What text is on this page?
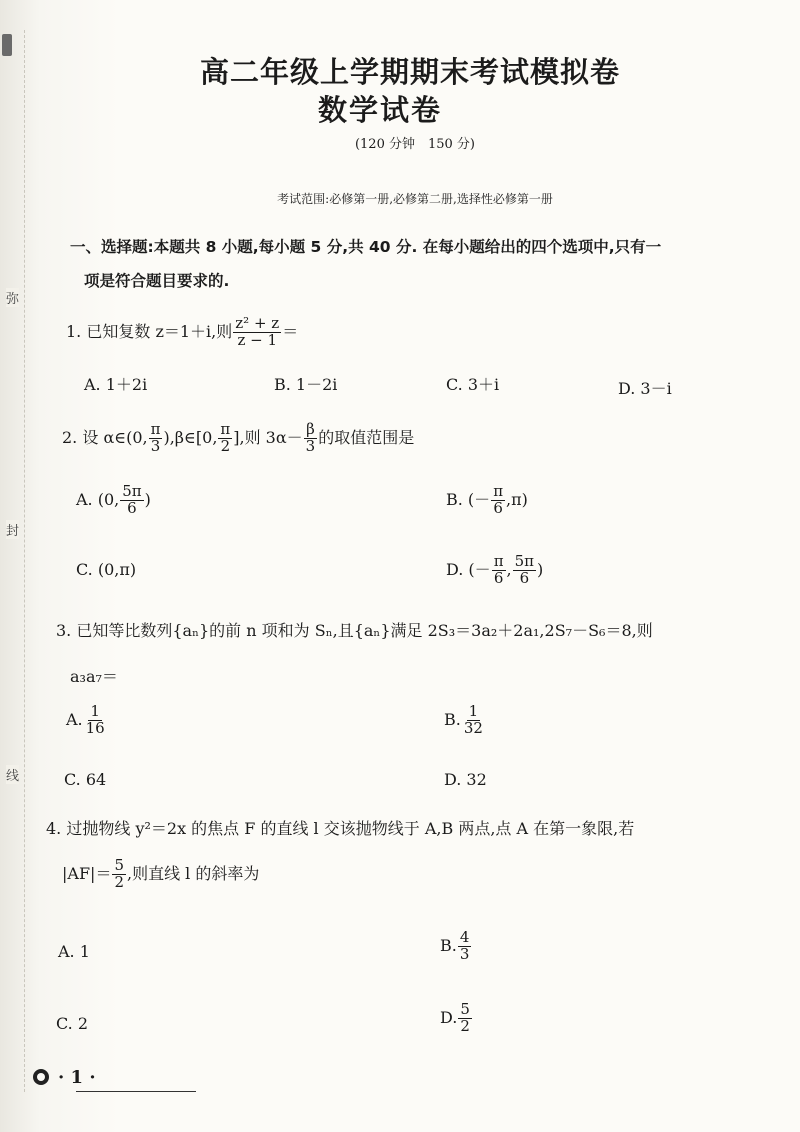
弥
封
线
高二年级上学期期末考试模拟卷
数学试卷
(120 分钟　150 分)
考试范围:必修第一册,必修第二册,选择性必修第一册
一、选择题:本题共 8 小题,每小题 5 分,共 40 分. 在每小题给出的四个选项中,只有一
项是符合题目要求的.
1. 已知复数 z＝1＋i,则 $\frac{\text{z² + z}}{z - 1}$ ＝
A. 1＋2i	B. 1－2i	C. 3＋i	D. 3－i
2. 设 α∈(0, $\frac{\pi}{3}$ ),β∈[0, $\frac{\pi}{2}$ ],则 $3\alpha- \frac{\beta}{3}$ 的取值范围是
A. (0, $\frac{5\pi}{6}$ )	B. (－ $\frac{\pi}{6} ,\pi$)
C. (0,π)	D. (－ $\frac{\pi}{6}$ , $\frac{5\pi}{6}$ )
3. 已知等比数列{aₙ}的前 n 项和为 Sₙ,且{aₙ}满足 2S₃＝3a₂＋2a₁,2S₇－S₆＝8,则
a₃a₇＝
A. $\frac{1}{16}$	B. $\frac{1}{32}$
C. 64	D. 32
4. 过抛物线 y²＝2x 的焦点 F 的直线 l 交该抛物线于 A,B 两点,点 A 在第一象限,若
$|AF|= \frac{5}{2}$ ,则直线 l 的斜率为
A. 1	B. $\frac{4}{3}$
C. 2	D. $\frac{5}{2}$
· 1 ·
